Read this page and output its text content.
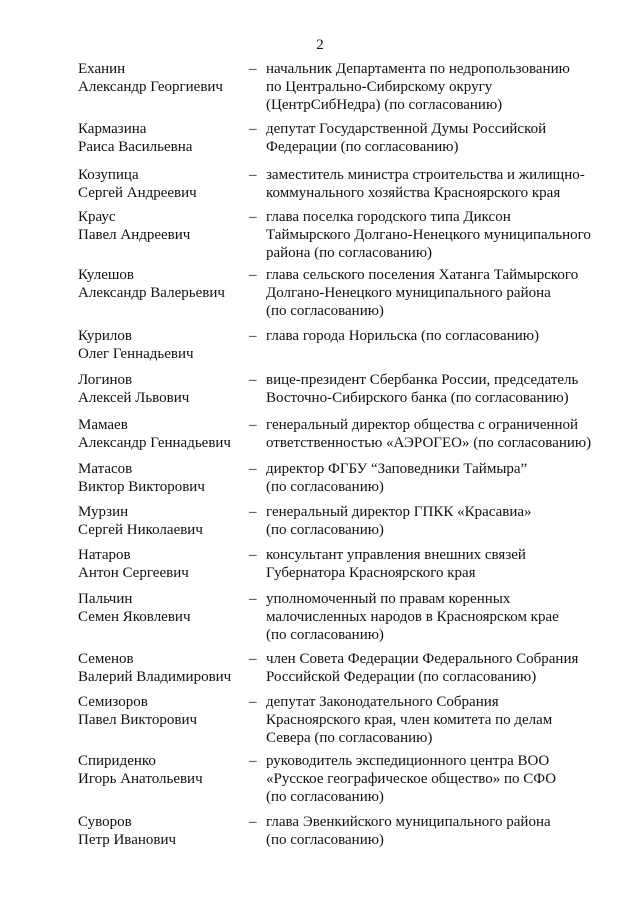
2
Еханин
Александр Георгиевич
– начальник Департамента по недропользованию
по Центрально-Сибирскому округу
(ЦентрСибНедра) (по согласованию)
Кармазина
Раиса Васильевна
– депутат Государственной Думы Российской
Федерации (по согласованию)
Козупица
Сергей Андреевич
– заместитель министра строительства и жилищно-
коммунального хозяйства Красноярского края
Краус
Павел Андреевич
– глава поселка городского типа Диксон
Таймырского Долгано-Ненецкого муниципального
района (по согласованию)
Кулешов
Александр Валерьевич
– глава сельского поселения Хатанга Таймырского
Долгано-Ненецкого муниципального района
(по согласованию)
Курилов
Олег Геннадьевич
– глава города Норильска (по согласованию)
Логинов
Алексей Львович
– вице-президент Сбербанка России, председатель
Восточно-Сибирского банка (по согласованию)
Мамаев
Александр Геннадьевич
– генеральный директор общества с ограниченной
ответственностью «АЭРОГЕО» (по согласованию)
Матасов
Виктор Викторович
– директор ФГБУ “Заповедники Таймыра”
(по согласованию)
Мурзин
Сергей Николаевич
– генеральный директор ГПКК «Красавиа»
(по согласованию)
Натаров
Антон Сергеевич
– консультант управления внешних связей
Губернатора Красноярского края
Пальчин
Семен Яковлевич
– уполномоченный по правам коренных
малочисленных народов в Красноярском крае
(по согласованию)
Семенов
Валерий Владимирович
– член Совета Федерации Федерального Собрания
Российской Федерации (по согласованию)
Семизоров
Павел Викторович
– депутат Законодательного Собрания
Красноярского края, член комитета по делам
Севера (по согласованию)
Спириденко
Игорь Анатольевич
– руководитель экспедиционного центра ВОО
«Русское географическое общество» по СФО
(по согласованию)
Суворов
Петр Иванович
– глава Эвенкийского муниципального района
(по согласованию)
